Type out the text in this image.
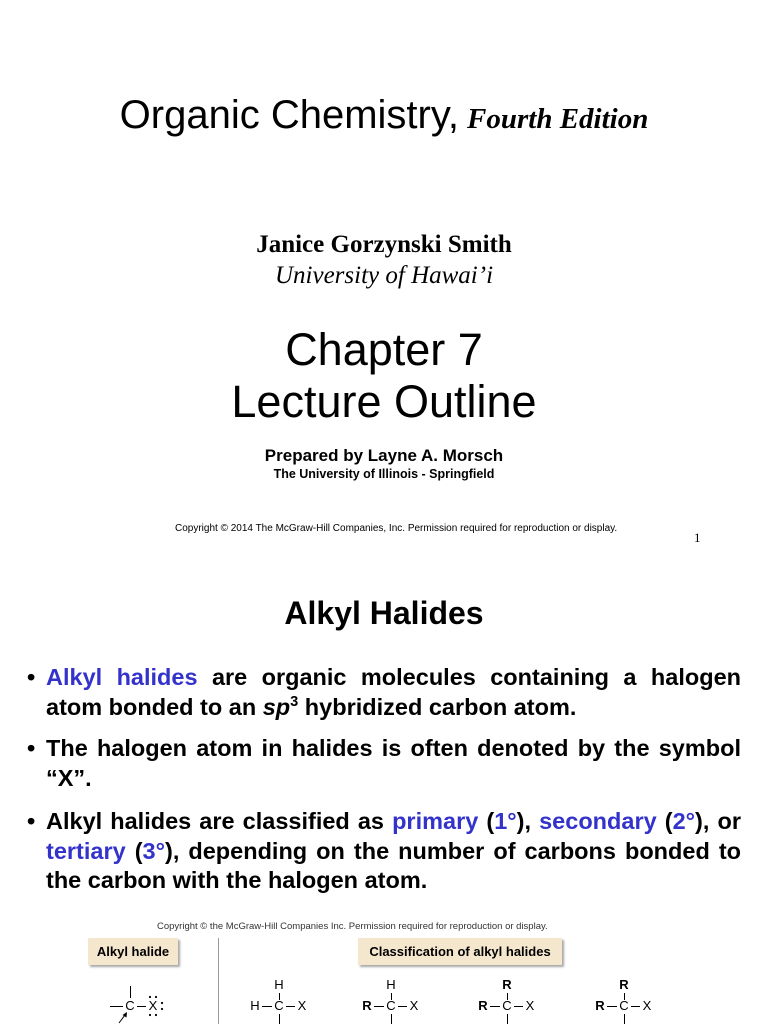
Organic Chemistry, Fourth Edition
Janice Gorzynski Smith
University of Hawai’i
Chapter 7
Lecture Outline
Prepared by Layne A. Morsch
The University of Illinois - Springfield
Copyright © 2014 The McGraw-Hill Companies, Inc. Permission required for reproduction or display.
1
Alkyl Halides
• Alkyl halides are organic molecules containing a halogen atom bonded to an $sp^3$ hybridized carbon atom.
• The halogen atom in halides is often denoted by the symbol “X”.
• Alkyl halides are classified as primary (1°), secondary (2°), or tertiary (3°), depending on the number of carbons bonded to the carbon with the halogen atom.
Copyright © the McGraw-Hill Companies Inc. Permission required for reproduction or display.
Alkyl halide	Classification of alkyl halides
C X
H
H C X
H
R C X
R
R C X
R
R C X
